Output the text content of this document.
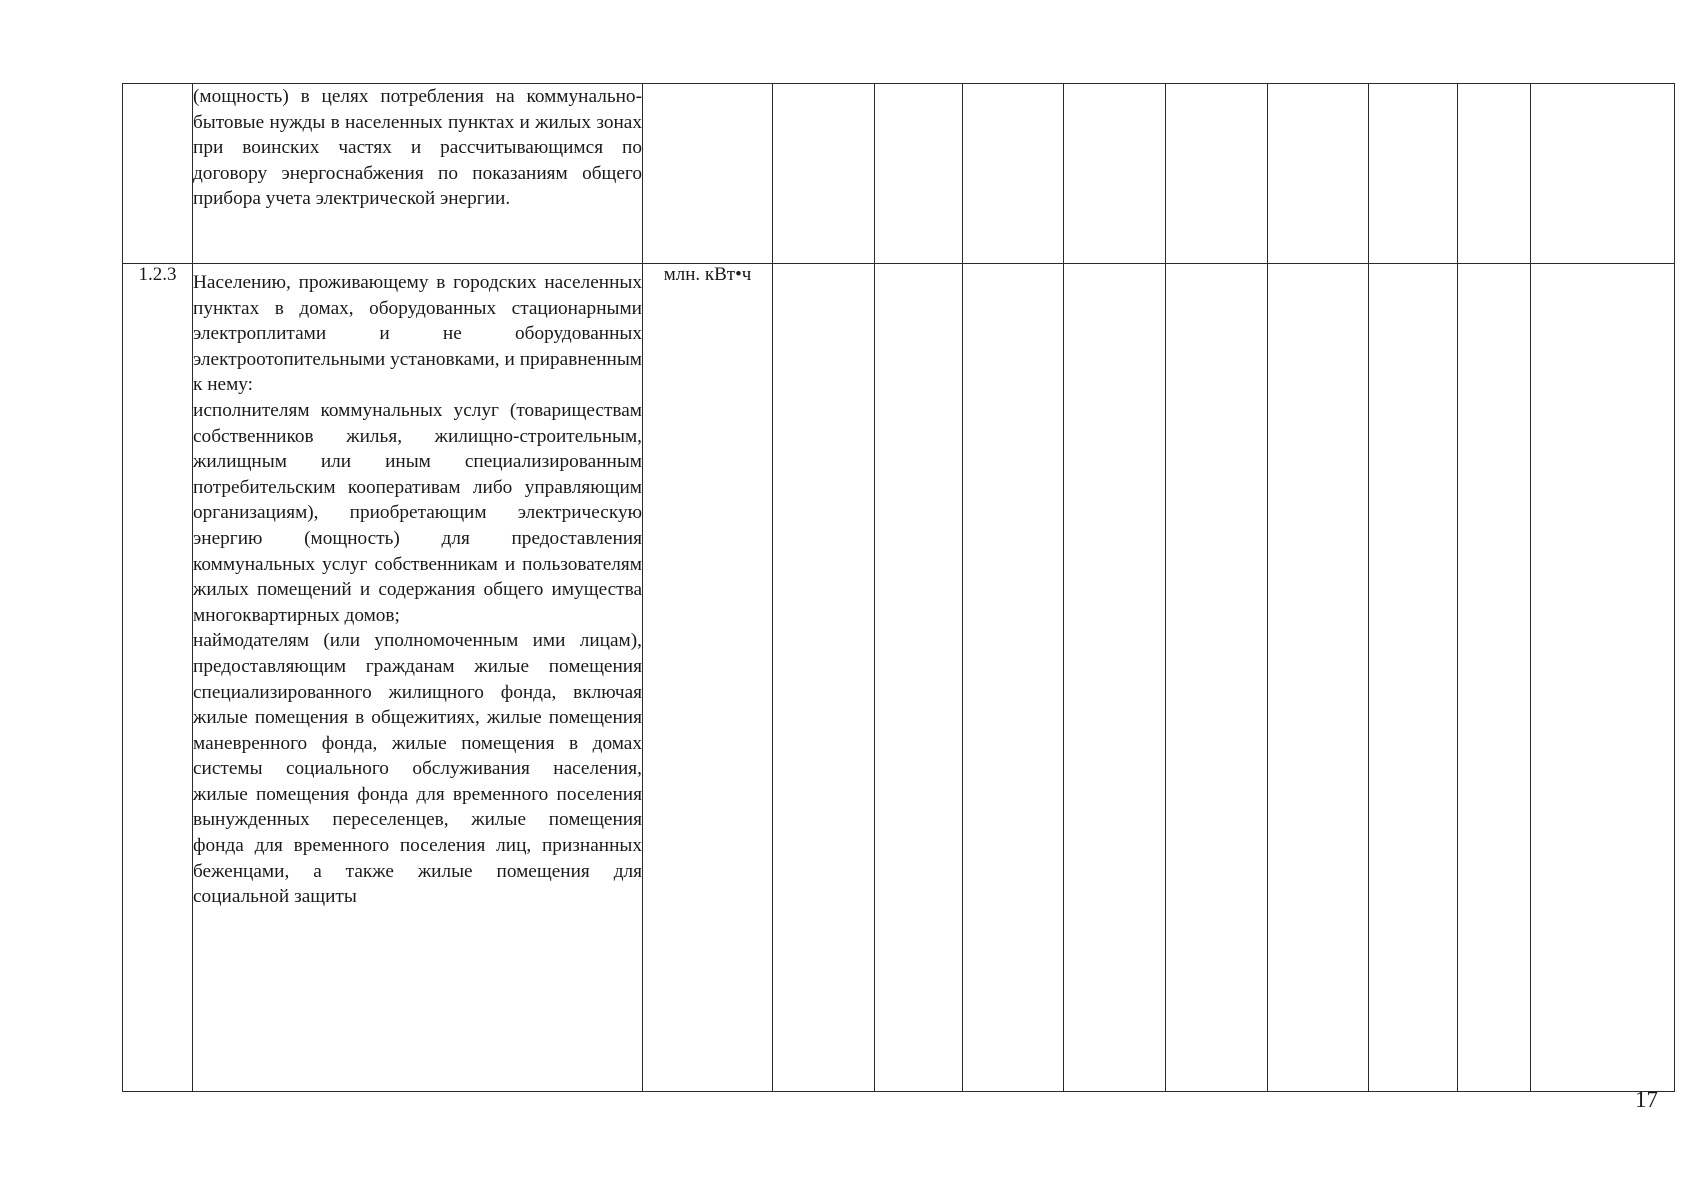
	(мощность) в целях потребления на коммунально-бытовые нужды в населенных пунктах и жилых зонах при воинских частях и рассчитывающимся по договору энергоснабжения по показаниям общего прибора учета электрической энергии.										

1.2.3	Населению, проживающему в городских населенных пунктах в домах, оборудованных стационарными электроплитами и не оборудованных электроотопительными установками, и приравненным к нему:

исполнителям коммунальных услуг (товариществам собственников жилья, жилищно-строительным, жилищным или иным специализированным потребительским кооперативам либо управляющим организациям), приобретающим электрическую энергию (мощность) для предоставления коммунальных услуг собственникам и пользователям жилых помещений и содержания общего имущества многоквартирных домов;

наймодателям (или уполномоченным ими лицам), предоставляющим гражданам жилые помещения специализированного жилищного фонда, включая жилые помещения в общежитиях, жилые помещения маневренного фонда, жилые помещения в домах системы социального обслуживания населения, жилые помещения фонда для временного поселения вынужденных переселенцев, жилые помещения фонда для временного поселения лиц, признанных беженцами, а также жилые помещения для социальной защиты	млн. кВт•ч									
17
